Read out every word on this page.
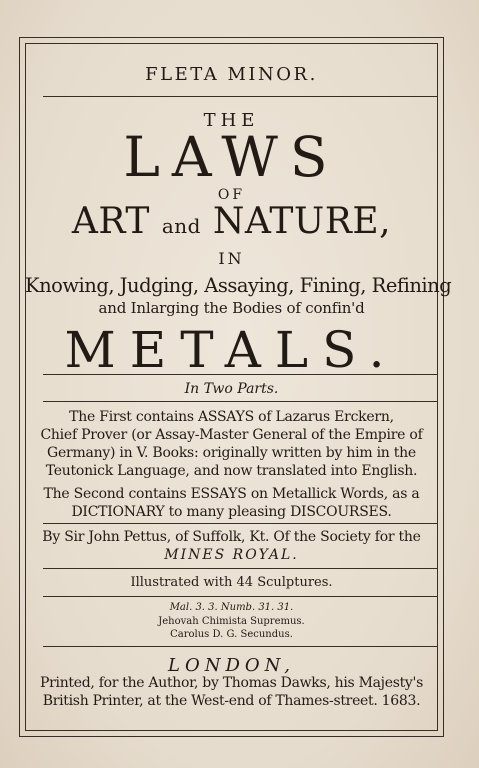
FLETA MINOR.
THE
LAWS
OF
ART and NATURE,
IN
Knowing, Judging, Assaying, Fining, Refining
and Inlarging the Bodies of confin'd
METALS.
In Two Parts.
The First contains ASSAYS of Lazarus Erckern,
Chief Prover (or Assay-Master General of the Empire of
Germany) in V. Books: originally written by him in the
Teutonick Language, and now translated into English.
The Second contains ESSAYS on Metallick Words, as a
DICTIONARY to many pleasing DISCOURSES.
By Sir John Pettus, of Suffolk, Kt. Of the Society for the
MINES ROYAL.
Illustrated with 44 Sculptures.
Mal. 3. 3. Numb. 31. 31.
Jehovah Chimista Supremus.
Carolus D. G. Secundus.
LONDON,
Printed, for the Author, by Thomas Dawks, his Majesty's
British Printer, at the West-end of Thames-street. 1683.
